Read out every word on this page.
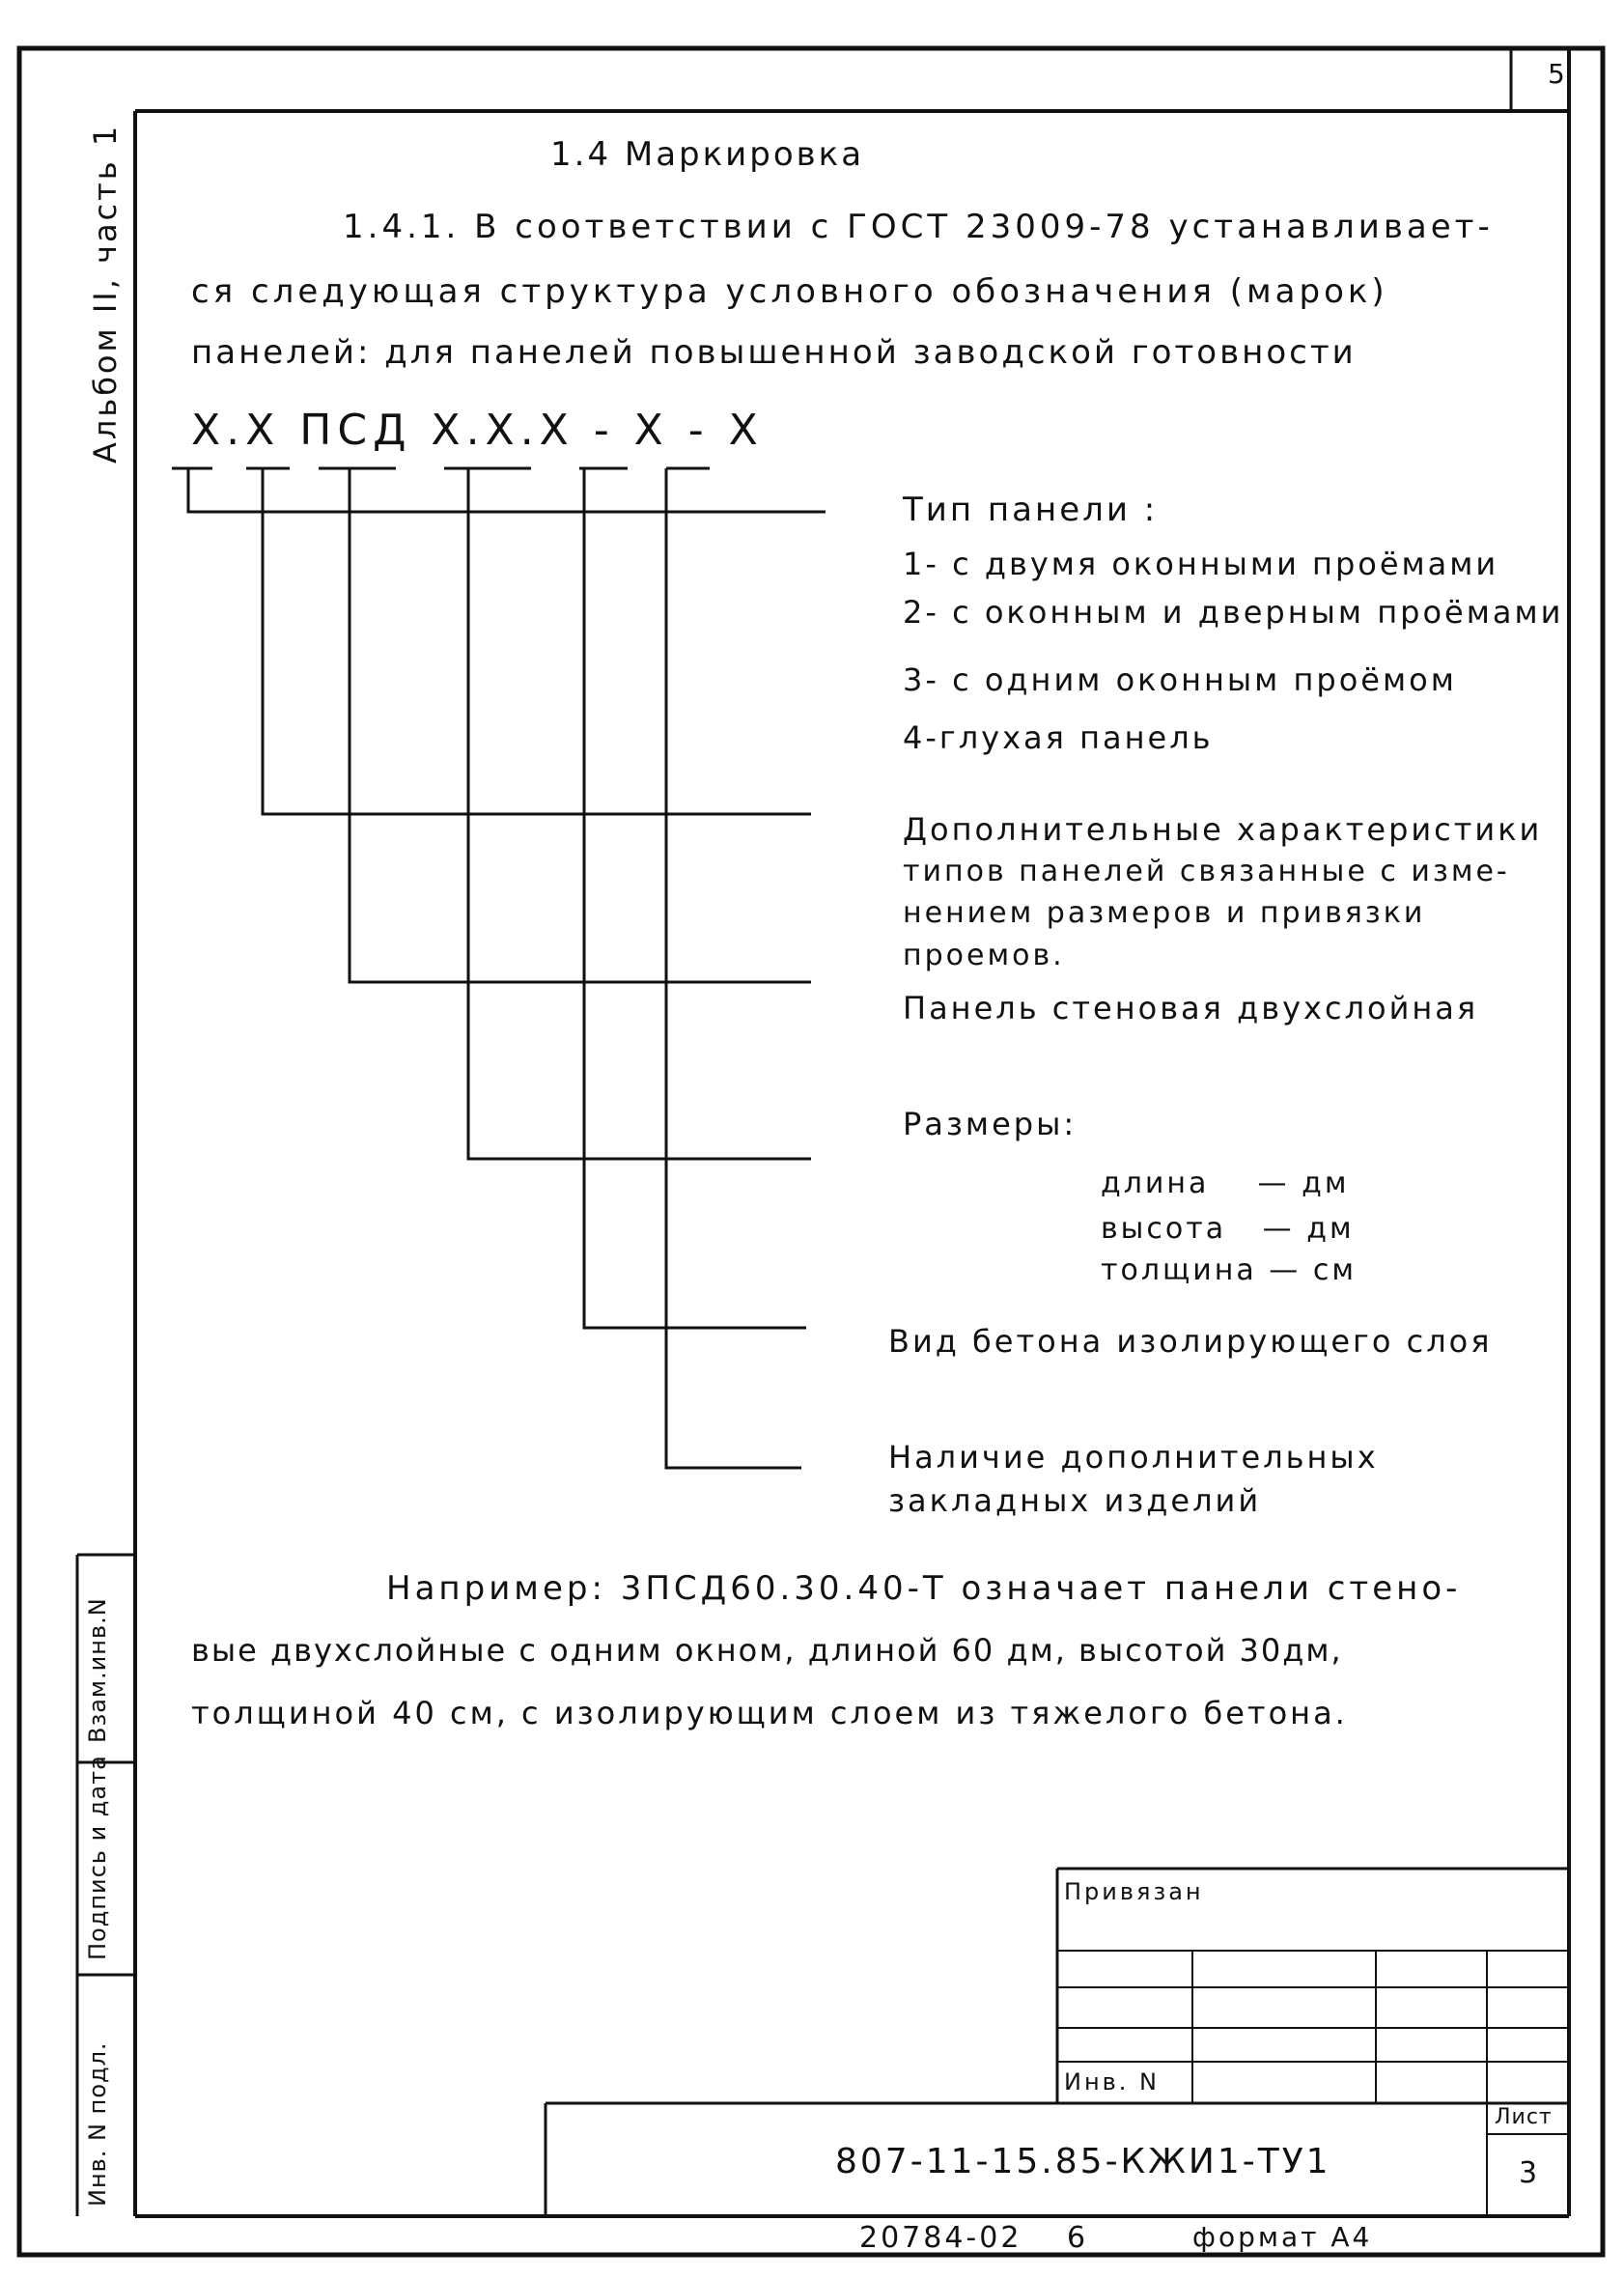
5
Альбом II, часть 1	1.4 Маркировка
1.4.1. В соответствии с ГОСТ 23009-78 устанавливает-
ся следующая структура условного обозначения (марок)
панелей: для панелей повышенной заводской готовности
Х.Х ПСД Х.Х.Х - Х - Х
Тип панели :
1- с двумя оконными проёмами
2- с оконным и дверным проёмами
3- с одним оконным проёмом
4-глухая панель
Дополнительные характеристики
типов панелей связанные с изме-
нением размеров и привязки
проемов.
Панель стеновая двухслойная
Размеры:
длина    — дм
высота   — дм
толщина — см
Вид бетона изолирующего слоя
Наличие дополнительных
закладных изделий
Например: 3ПСД60.30.40-Т означает панели стено-
вые двухслойные с одним окном, длиной 60 дм, высотой 30дм,
толщиной 40 см, с изолирующим слоем из тяжелого бетона.
Взам.инв.N
Подпись и дата
Инв. N подл.
Привязан
Инв. N
807-11-15.85-КЖИ1-ТУ1
Лист
3
20784-02 6	формат А4
